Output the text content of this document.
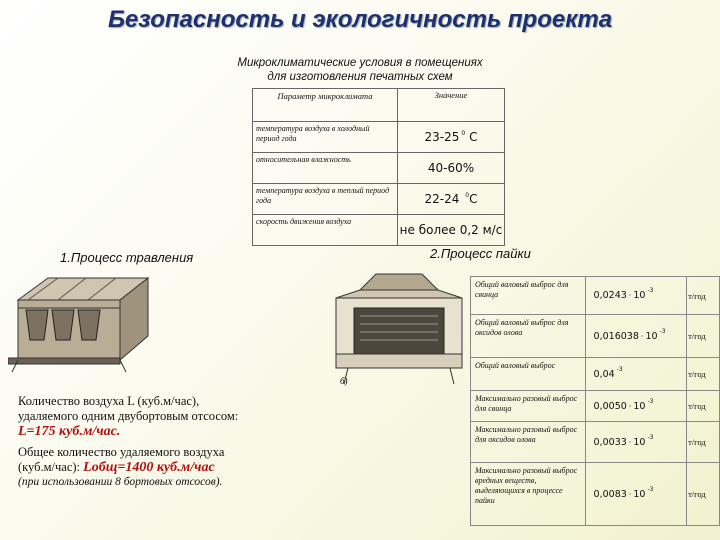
Безопасность и экологичность проекта
Микроклиматические условия в помещениях
для изготовления печатных схем
Параметр микроклимата	Значение
температура воздуха в холодный период года	23-25 $^0$ С
относительная влажность	40-60%
температура воздуха в теплый период года	22-24 $^0$С
скорость движения воздуха	не более 0,2 м/с
1.Процесс травления	2.Процесс пайки
б)
Общий валовый выброс для свинца	0,0243 · 10 $^{-3}$	т/год
Общий валовый выброс для оксидов олова	0,016038 · 10 $^{-3}$	т/год
Общий валовый выброс	0,04 $^{-3}$	т/год
Максимально разовый выброс для свинца	0,0050 · 10 $^{-3}$	т/год
Максимально разовый выброс для оксидов олова	0,0033 · 10 $^{-3}$	т/год
Максимально разовый выброс вредных веществ, выделяющихся в процессе пайки	0,0083 · 10 $^{-3}$	т/год
Количество воздуха L (куб.м/час),
удаляемого одним двубортовым отсосом:
L=175 куб.м/час.
Общее количество удаляемого воздуха
(куб.м/час): Lобщ=1400 куб.м/час
(при использовании 8 бортовых отсосов).
